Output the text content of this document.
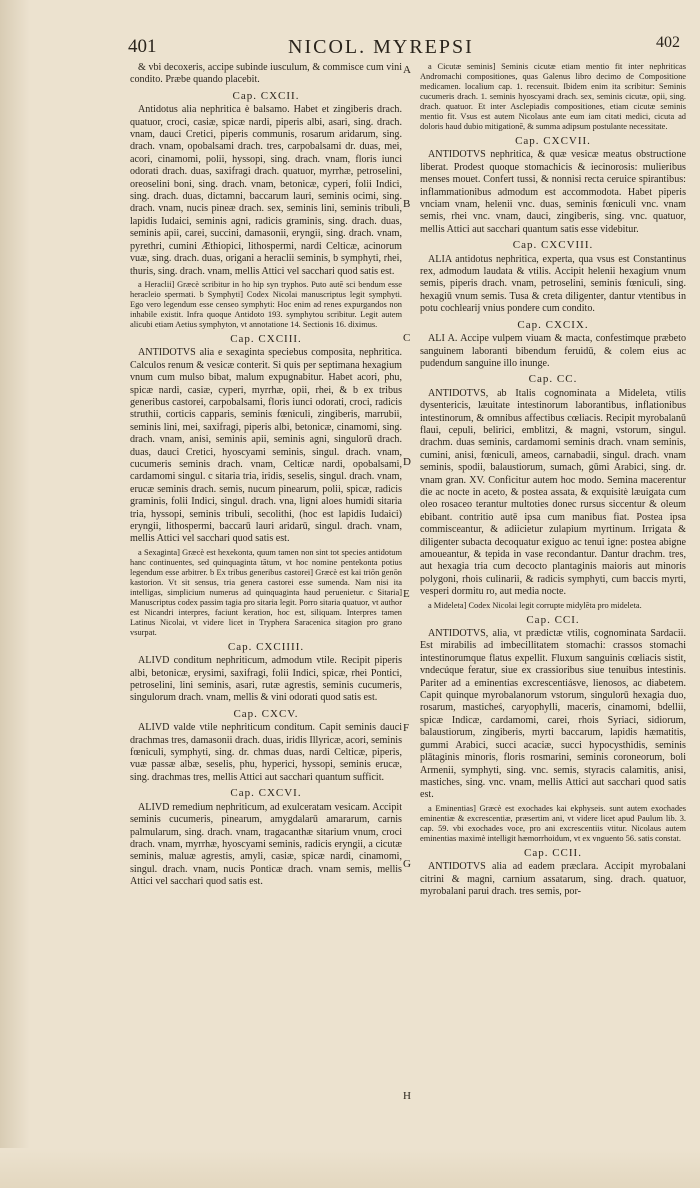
401	NICOL. MYREPSI	402
A
B
C
D
E
F
G
H

& vbi decoxeris, accipe subinde iusculum, & commisce cum vini condito. Præbe quando placebit.

Cap. CXCII.

Antidotus alia nephritica è balsamo. Habet et zingiberis drach. quatuor, croci, casiæ, spicæ nardi, piperis albi, asari, sing. drach. vnam, dauci Cretici, piperis communis, rosarum aridarum, sing. drach. vnam, opobalsami drach. tres, carpobalsami dr. duas, mei, acori, cinamomi, polii, hyssopi, sing. drach. vnam, floris iunci odorati drach. duas, saxifragi drach. quatuor, myrrhæ, petroselini, oreoselini boni, sing. drach. vnam, betonicæ, cyperi, folii Indici, sing. drach. duas, dictamni, baccarum lauri, seminis ocimi, sing. drach. vnam, nucis pineæ drach. sex, seminis lini, seminis tribuli, lapidis Iudaici, seminis agni, radicis graminis, sing. drach. duas, seminis apii, carei, succini, damasonii, eryngii, sing. drach. vnam, pyrethri, cumini Æthiopici, lithospermi, nardi Celticæ, acinorum vuæ, sing. drach. duas, origani a heraclii seminis, b symphyti, rhei, thuris, sing. drach. vnam, mellis Attici vel sacchari quod satis est.

a Heraclii] Græcè scribitur in ho hip syn tryphos. Puto autē sci bendum esse heracleio spermati. b Symphyti] Codex Nicolai manuscriptus legit symphyti. Ego vero legendum esse censeo symphyti: Hoc enim ad renes expurgandos non inhabile existit. Infra quoque Antidoto 193. symphytou scribitur. Legit autem alicubi etiam Aetius symphyton, vt annotatione 14. Sectionis 16. diximus.

Cap. CXCIII.

ANTIDOTVS alia e sexaginta speciebus composita, nephritica. Calculos renum & vesicæ conterit. Si quis per septimana hexagium vnum cum mulso bibat, malum expugnabitur. Habet acori, phu, spicæ nardi, casiæ, cyperi, myrrhæ, opii, rhei, & b ex tribus generibus castorei, carpobalsami, floris iunci odorati, croci, radicis struthii, corticis capparis, seminis fœniculi, zingiberis, marrubii, seminis lini, mei, saxifragi, piperis albi, betonicæ, cinamomi, sing. drach. vnam, anisi, seminis apii, seminis agni, singulorū drach. duas, dauci Cretici, hyoscyami seminis, singul. drach. vnam, cucumeris seminis drach. vnam, Celticæ nardi, opobalsami, cardamomi singul. c sitaria tria, iridis, seselis, singul. drach. vnam, erucæ seminis drach. semis, nucum pinearum, polii, spicæ, radicis graminis, folii Indici, singul. drach. vna, ligni aloes humidi sitaria tria, hyssopi, seminis tribuli, secolithi, (hoc est lapidis Iudaici) eryngii, lithospermi, baccarū lauri aridarū, singul. drach. vnam, mellis Attici vel sacchari quod satis est.

a Sexaginta] Græcè est hexekonta, quum tamen non sint tot species antidotum hanc continuentes, sed quinquaginta tātum, vt hoc nomine pentekonta potius legendum esse arbitrer. b Ex tribus generibus castorei] Græcè est kai triōn genōn kastorion. Vt sit sensus, tria genera castorei esse sumenda. Nam nisi ita intelligas, simplicium numerus ad quinquaginta haud peruenietur. c Sitaria] Manuscriptus codex passim tagia pro sitaria legit. Porro sitaria quatuor, vt author est Nicandri interpres, faciunt keration, hoc est, siliquam. Interpres tamen Latinus Nicolai, vt videre licet in Tryphera Saracenica sitagion pro grano vsurpat.

Cap. CXCIIII.

ALIVD conditum nephriticum, admodum vtile. Recipit piperis albi, betonicæ, erysimi, saxifragi, folii Indici, spicæ, rhei Pontici, petroselini, lini seminis, asari, rutæ agrestis, seminis cucumeris, singulorum drach. vnam, mellis & vini odorati quod satis est.

Cap. CXCV.

ALIVD valde vtile nephriticum conditum. Capit seminis dauci drachmas tres, damasonii drach. duas, iridis Illyricæ, acori, seminis fœniculi, symphyti, sing. dr. chmas duas, nardi Celticæ, piperis, vuæ passæ albæ, seselis, phu, hyperici, hyssopi, seminis erucæ, sing. drachmas tres, mellis Attici aut sacchari quantum sufficit.

Cap. CXCVI.

ALIVD remedium nephriticum, ad exulceratam vesicam. Accipit seminis cucumeris, pinearum, amygdalarū amararum, carnis palmularum, sing. drach. vnam, tragacanthæ sitarium vnum, croci drach. vnam, myrrhæ, hyoscyami seminis, radicis eryngii, a cicutæ seminis, maluæ agrestis, amyli, casiæ, spicæ nardi, cinamomi, singul. drach. vnam, nucis Ponticæ drach. vnam semis, mellis Attici vel sacchari quod satis est.

a Cicutæ seminis] Seminis cicutæ etiam mentio fit inter nephriticas Andromachi compositiones, quas Galenus libro decimo de Compositione medicamen. localium cap. 1. recensuit. Ibidem enim ita scribitur: Seminis cucumeris drach. 1. seminis hyoscyami drach. sex, seminis cicutæ, opii, sing. drach. quatuor. Et inter Asclepiadis compositiones, etiam cicutæ seminis mentio fit. Vsus est autem Nicolaus ante eum iam citati medici, cicuta ad doloris haud dubio mitigationē, & summa adipsum postulante necessitate.

Cap. CXCVII.

ANTIDOTVS nephritica, & quæ vesicæ meatus obstructione liberat. Prodest quoque stomachicis & iecinorosis: mulieribus menses mouet. Confert tussi, & nonnisi recta ceruice spirantibus: inflammationibus admodum est accommodota. Habet piperis vnciam vnam, helenii vnc. duas, seminis fœniculi vnc. vnam semis, rhei vnc. vnam, dauci, zingiberis, sing. vnc. quatuor, mellis Attici aut sacchari quantum satis esse videbitur.

Cap. CXCVIII.

ALIA antidotus nephritica, experta, qua vsus est Constantinus rex, admodum laudata & vtilis. Accipit helenii hexagium vnum semis, piperis drach. vnam, petroselini, seminis fœniculi, sing. hexagiū vnum semis. Tusa & creta diligenter, dantur vtentibus in potu cochlearij vnius pondere cum condito.

Cap. CXCIX.

ALI A. Accipe vulpem viuam & macta, confestimque præbeto sanguinem laboranti bibendum feruidū, & colem eius ac pudendum sanguine illo inunge.

Cap. CC.

ANTIDOTVS, ab Italis cognominata a Mideleta, vtilis dysentericis, læuitate intestinorum laborantibus, inflationibus intestinorum, & omnibus affectibus cœliacis. Recipit myrobalanū flaui, cepuli, belirici, emblitzi, & magni, vstorum, singul. drachm. duas seminis, cardamomi seminis drach. vnam seminis, cumini, anisi, fœniculi, ameos, carnabadii, singul. drach. vnam seminis, spodii, balaustiorum, sumach, gūmi Arabici, sing. dr. vnam gran. XV. Conficitur autem hoc modo. Semina macerentur die ac nocte in aceto, & postea assata, & exquisitè læuigata cum oleo rosaceo terantur multoties donec rursus siccentur & oleum ebibant. contritio autē ipsa cum manibus fiat. Postea ipsa commisceantur, & adiicietur zulapium myrtinum. Irrigata & diligenter subacta decoquatur exiguo ac tenui igne: postea abigne amoueantur, & tepida in vase recondantur. Dantur drachm. tres, aut hexagia tria cum decocto plantaginis maioris aut minoris polygoni, rhois culinarii, & radicis symphyti, cum baccis myrti, vesperi dormitu ro, aut media nocte.

a Mideleta] Codex Nicolai legit corrupte midylēta pro mideleta.

Cap. CCI.

ANTIDOTVS, alia, vt prædictæ vtilis, cognominata Sardacii. Est mirabilis ad imbecillitatem stomachi: crassos stomachi intestinorumque flatus expellit. Fluxum sanguinis cœliacis sistit, vndecúque feratur, siue ex crassioribus siue tenuibus intestinis. Pariter ad a eminentias excrescentiásve, lienosos, ac diabetem. Capit quinque myrobalanorum vstorum, singulorū hexagia duo, rosarum, masticheś, caryophylli, maceris, cinamomi, bdellii, spicæ Indicæ, cardamomi, carei, rhois Syriaci, sidiorum, balaustiorum, zingiberis, myrti baccarum, lapidis hæmatitis, gummi Arabici, succi acaciæ, succi hypocysthidis, seminis plātaginis minoris, floris rosmarini, seminis coroneorum, boli Armenii, symphyti, sing. vnc. semis, styracis calamitis, anisi, mastiches, sing. vnc. vnam, mellis Attici aut sacchari quod satis est.

a Eminentias] Græcè est exochades kai ekphyseis. sunt autem exochades eminentiæ & excrescentiæ, præsertim ani, vt videre licet apud Paulum lib. 3. cap. 59. vbi exochades voce, pro ani excrescentiis vtitur. Nicolaus autem eminentias maximè intelligit hæmorrhoidum, vt ex vnguento 56. satis constat.

Cap. CCII.

ANTIDOTVS alia ad eadem præclara. Accipit myrobalani citrini & magni, carnium assatarum, sing. drach. quatuor, myrobalani parui drach. tres semis, por-
